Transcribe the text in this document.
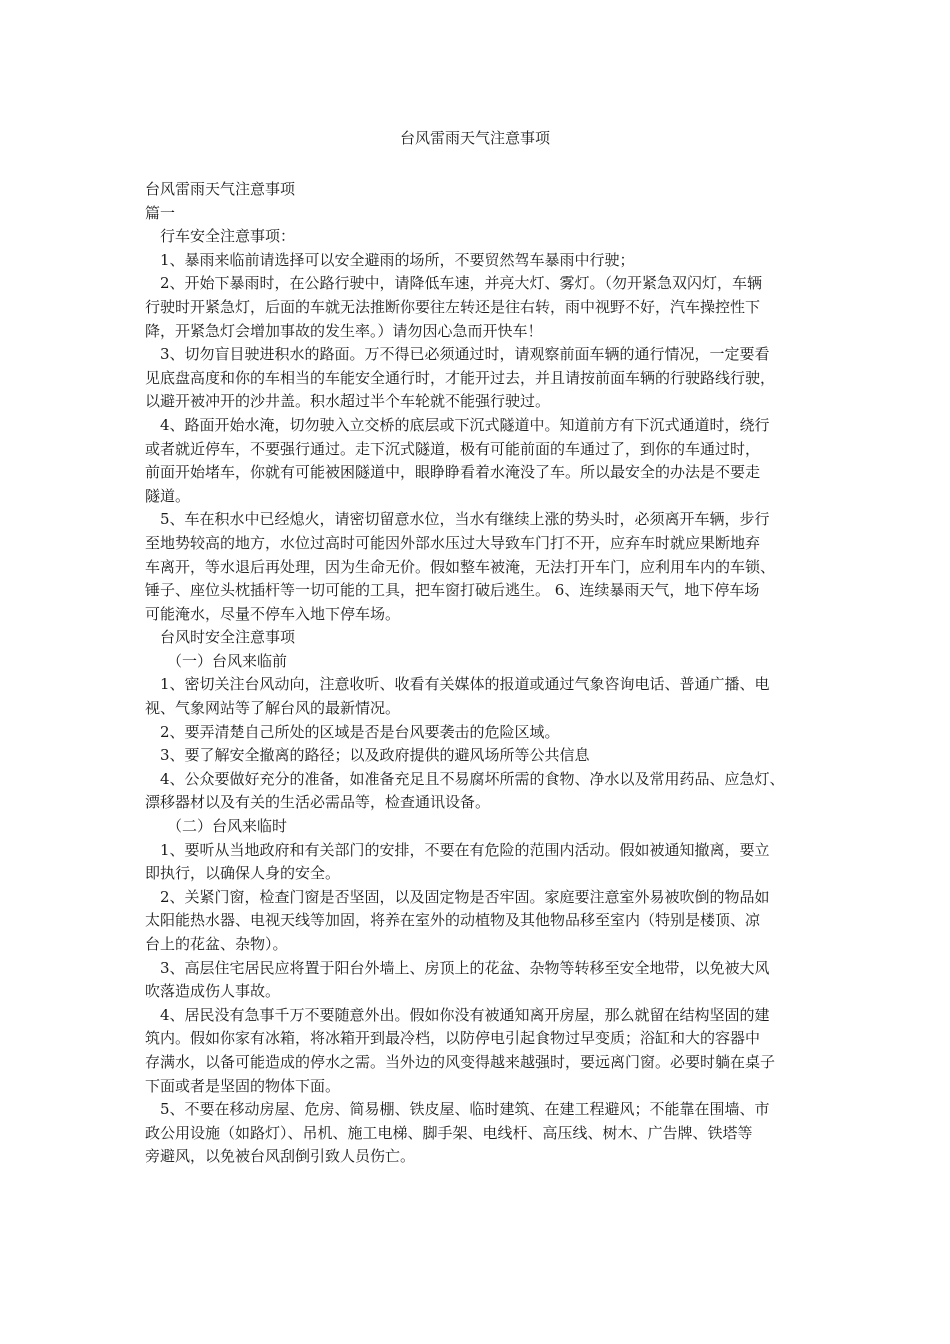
台风雷雨天气注意事项

台风雷雨天气注意事项

篇一

行车安全注意事项：

1、暴雨来临前请选择可以安全避雨的场所，不要贸然驾车暴雨中行驶；

2、开始下暴雨时，在公路行驶中，请降低车速，并亮大灯、雾灯。（勿开紧急双闪灯，车辆

行驶时开紧急灯，后面的车就无法推断你要往左转还是往右转，雨中视野不好，汽车操控性下

降，开紧急灯会增加事故的发生率。）请勿因心急而开快车！

3、切勿盲目驶进积水的路面。万不得已必须通过时，请观察前面车辆的通行情况，一定要看

见底盘高度和你的车相当的车能安全通行时，才能开过去，并且请按前面车辆的行驶路线行驶，

以避开被冲开的沙井盖。积水超过半个车轮就不能强行驶过。

4、路面开始水淹，切勿驶入立交桥的底层或下沉式隧道中。知道前方有下沉式通道时，绕行

或者就近停车，不要强行通过。走下沉式隧道，极有可能前面的车通过了，到你的车通过时，

前面开始堵车，你就有可能被困隧道中，眼睁睁看着水淹没了车。所以最安全的办法是不要走

隧道。

5、车在积水中已经熄火，请密切留意水位，当水有继续上涨的势头时，必须离开车辆，步行

至地势较高的地方，水位过高时可能因外部水压过大导致车门打不开，应弃车时就应果断地弃

车离开，等水退后再处理，因为生命无价。假如整车被淹，无法打开车门，应利用车内的车锁、

锤子、座位头枕插杆等一切可能的工具，把车窗打破后逃生。 6、连续暴雨天气，地下停车场

可能淹水，尽量不停车入地下停车场。

台风时安全注意事项

（一）台风来临前

1、密切关注台风动向，注意收听、收看有关媒体的报道或通过气象咨询电话、普通广播、电

视、气象网站等了解台风的最新情况。

2、要弄清楚自己所处的区域是否是台风要袭击的危险区域。

3、要了解安全撤离的路径；以及政府提供的避风场所等公共信息

4、公众要做好充分的准备，如准备充足且不易腐坏所需的食物、净水以及常用药品、应急灯、

漂移器材以及有关的生活必需品等，检查通讯设备。

（二）台风来临时

1、要听从当地政府和有关部门的安排，不要在有危险的范围内活动。假如被通知撤离，要立

即执行，以确保人身的安全。

2、关紧门窗，检查门窗是否坚固，以及固定物是否牢固。家庭要注意室外易被吹倒的物品如

太阳能热水器、电视天线等加固，将养在室外的动植物及其他物品移至室内（特别是楼顶、凉

台上的花盆、杂物）。

3、高层住宅居民应将置于阳台外墙上、房顶上的花盆、杂物等转移至安全地带，以免被大风

吹落造成伤人事故。

4、居民没有急事千万不要随意外出。假如你没有被通知离开房屋，那么就留在结构坚固的建

筑内。假如你家有冰箱，将冰箱开到最冷档，以防停电引起食物过早变质；浴缸和大的容器中

存满水，以备可能造成的停水之需。当外边的风变得越来越强时，要远离门窗。必要时躺在桌子

下面或者是坚固的物体下面。

5、不要在移动房屋、危房、简易棚、铁皮屋、临时建筑、在建工程避风；不能靠在围墙、市

政公用设施（如路灯）、吊机、施工电梯、脚手架、电线杆、高压线、树木、广告牌、铁塔等

旁避风，以免被台风刮倒引致人员伤亡。
